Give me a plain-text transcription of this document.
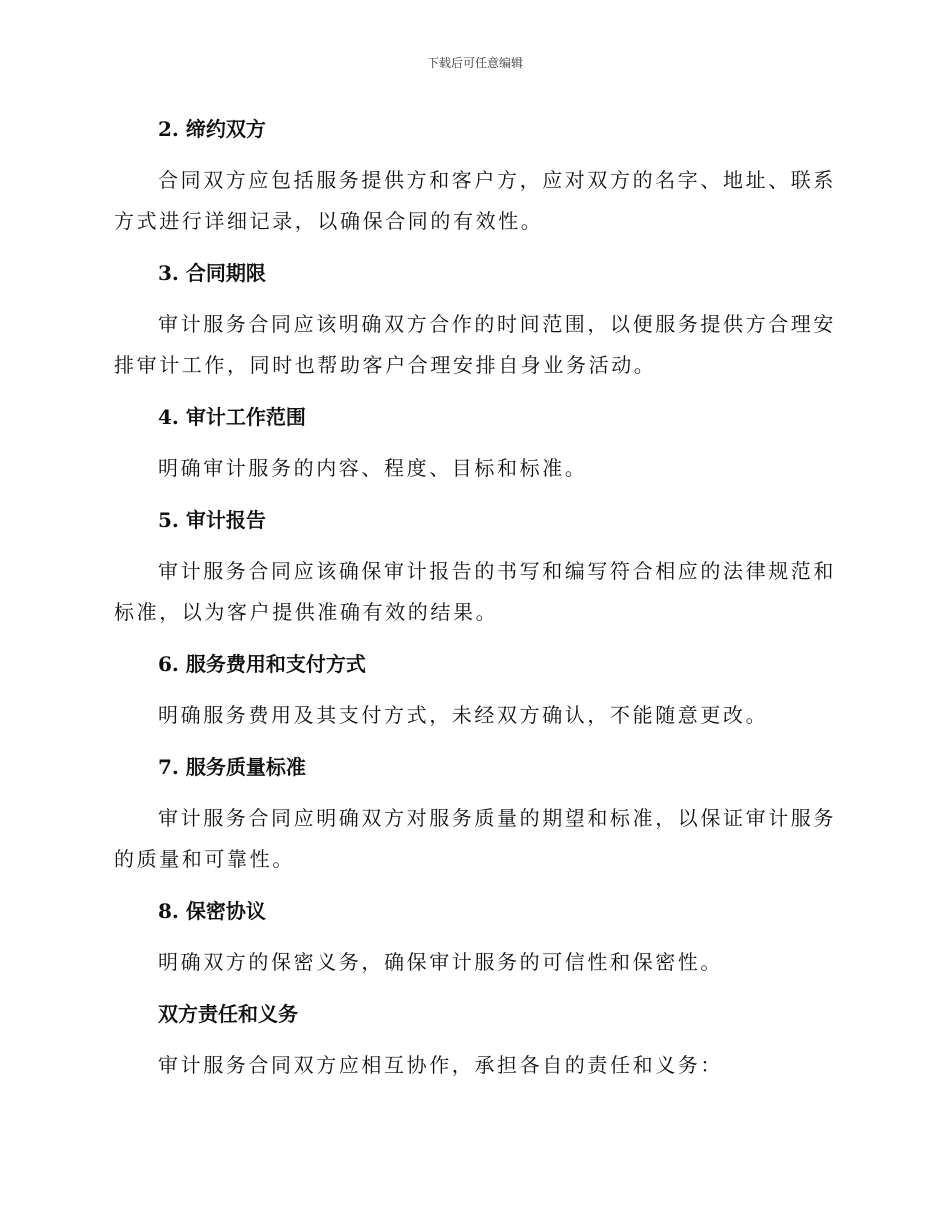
下载后可任意编辑
2. 缔约双方
合同双方应包括服务提供方和客户方，应对双方的名字、地址、联系方式进行详细记录，以确保合同的有效性。
3. 合同期限
审计服务合同应该明确双方合作的时间范围，以便服务提供方合理安排审计工作，同时也帮助客户合理安排自身业务活动。
4. 审计工作范围
明确审计服务的内容、程度、目标和标准。
5. 审计报告
审计服务合同应该确保审计报告的书写和编写符合相应的法律规范和标准，以为客户提供准确有效的结果。
6. 服务费用和支付方式
明确服务费用及其支付方式，未经双方确认，不能随意更改。
7. 服务质量标准
审计服务合同应明确双方对服务质量的期望和标准，以保证审计服务的质量和可靠性。
8. 保密协议
明确双方的保密义务，确保审计服务的可信性和保密性。
双方责任和义务
审计服务合同双方应相互协作，承担各自的责任和义务：
